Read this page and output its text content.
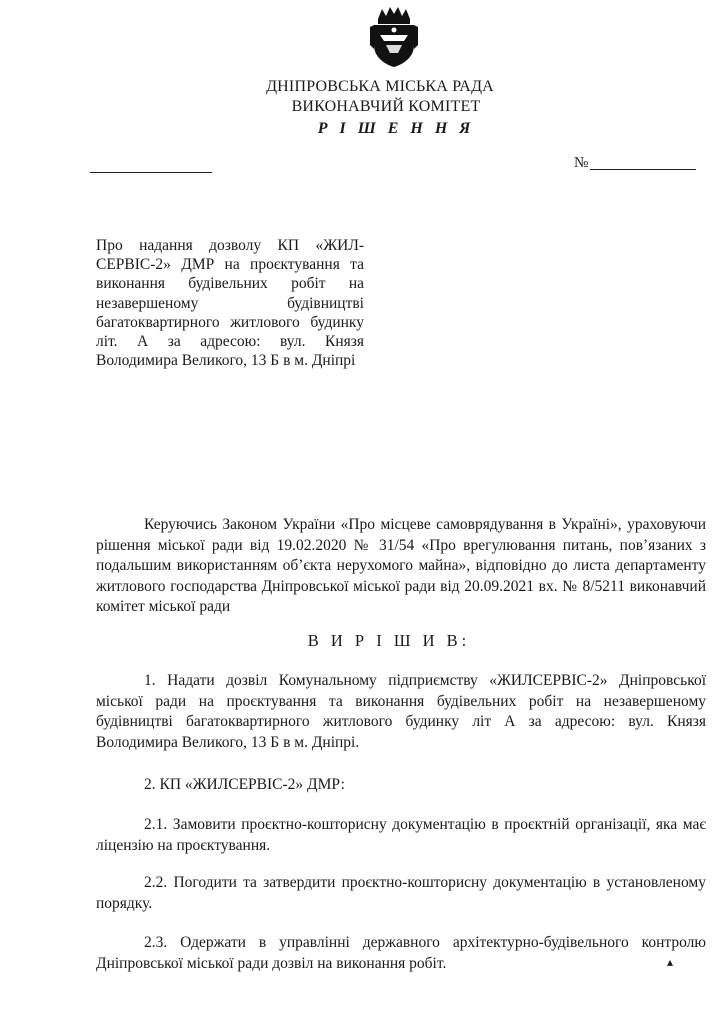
ДНІПРОВСЬКА МІСЬКА РАДА
ВИКОНАВЧИЙ КОМІТЕТ
Р І Ш Е Н Н Я
№
Про надання дозволу КП «ЖИЛ-СЕРВІС-2» ДМР на проєктування та виконання будівельних робіт на незавершеному будівництві багатоквартирного житлового будинку літ. А за адресою: вул. Князя Володимира Великого, 13 Б в м. Дніпрі
Керуючись Законом України «Про місцеве самоврядування в Україні», ураховуючи рішення міської ради від 19.02.2020 № 31/54 «Про врегулювання питань, пов’язаних з подальшим використанням об’єкта нерухомого майна», відповідно до листа департаменту житлового господарства Дніпровської міської ради від 20.09.2021 вх. № 8/5211 виконавчий комітет міської ради
В И Р І Ш И В:
1. Надати дозвіл Комунальному підприємству «ЖИЛСЕРВІС-2» Дніпровської міської ради на проєктування та виконання будівельних робіт на незавершеному будівництві багатоквартирного житлового будинку літ А за адресою: вул. Князя Володимира Великого, 13 Б в м. Дніпрі.
2. КП «ЖИЛСЕРВІС-2» ДМР:
2.1. Замовити проєктно-кошторисну документацію в проєктній організації, яка має ліцензію на проєктування.
2.2. Погодити та затвердити проєктно-кошторисну документацію в установленому порядку.
2.3. Одержати в управлінні державного архітектурно-будівельного контролю Дніпровської міської ради дозвіл на виконання робіт.	▴
